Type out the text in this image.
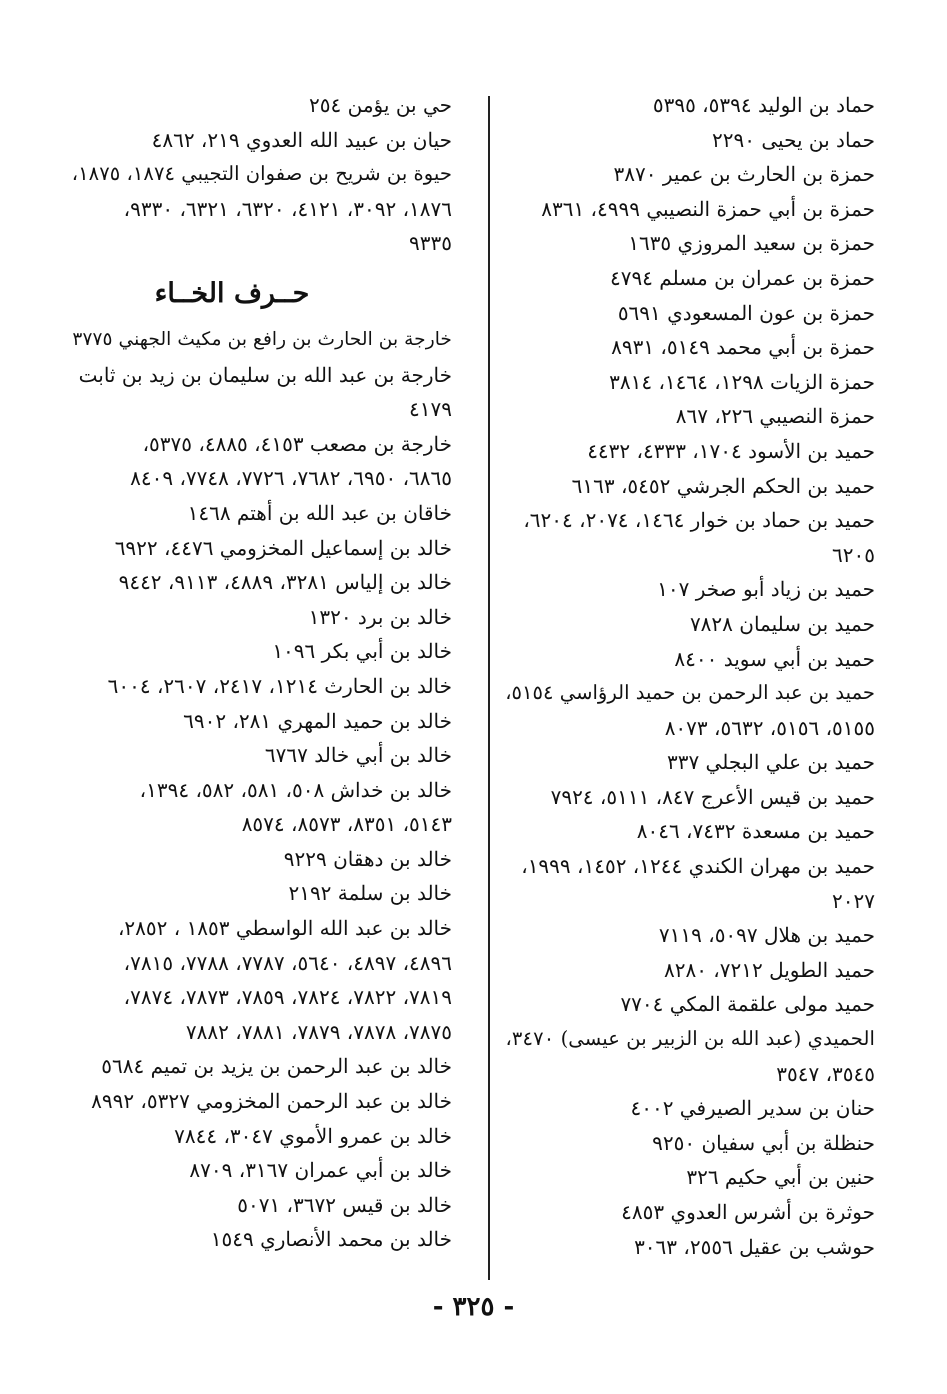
حماد بن الوليد ٥٣٩٤، ٥٣٩٥
حماد بن يحيى ٢٢٩٠
حمزة بن الحارث بن عمير ٣٨٧٠
حمزة بن أبي حمزة النصيبي ٤٩٩٩، ٨٣٦١
حمزة بن سعيد المروزي ١٦٣٥
حمزة بن عمران بن مسلم ٤٧٩٤
حمزة بن عون المسعودي ٥٦٩١
حمزة بن أبي محمد ٥١٤٩، ٨٩٣١
حمزة الزيات ١٢٩٨، ١٤٦٤، ٣٨١٤
حمزة النصيبي ٢٢٦، ٨٦٧
حميد بن الأسود ١٧٠٤، ٤٣٣٣، ٤٤٣٢
حميد بن الحكم الجرشي ٥٤٥٢، ٦١٦٣
حميد بن حماد بن خوار ١٤٦٤، ٢٠٧٤، ٦٢٠٤،
٦٢٠٥
حميد بن زياد أبو صخر ١٠٧
حميد بن سليمان ٧٨٢٨
حميد بن أبي سويد ٨٤٠٠
حميد بن عبد الرحمن بن حميد الرؤاسي ٥١٥٤،
٥١٥٥، ٥١٥٦، ٥٦٣٢، ٨٠٧٣
حميد بن علي البجلي ٣٣٧
حميد بن قيس الأعرج ٨٤٧، ٥١١١، ٧٩٢٤
حميد بن مسعدة ٧٤٣٢، ٨٠٤٦
حميد بن مهران الكندي ١٢٤٤، ١٤٥٢، ١٩٩٩،
٢٠٢٧
حميد بن هلال ٥٠٩٧، ٧١١٩
حميد الطويل ٧٢١٢، ٨٢٨٠
حميد مولى علقمة المكي ٧٧٠٤
الحميدي (عبد الله بن الزبير بن عيسى) ٣٤٧٠،
٣٥٤٥، ٣٥٤٧
حنان بن سدير الصيرفي ٤٠٠٢
حنظلة بن أبي سفيان ٩٢٥٠
حنين بن أبي حكيم ٣٢٦
حوثرة بن أشرس العدوي ٤٨٥٣
حوشب بن عقيل ٢٥٥٦، ٣٠٦٣
حي بن يؤمن ٢٥٤
حيان بن عبيد الله العدوي ٢١٩، ٤٨٦٢
حيوة بن شريح بن صفوان التجيبي ١٨٧٤، ١٨٧٥،
١٨٧٦، ٣٠٩٢، ٤١٢١، ٦٣٢٠، ٦٣٢١، ٩٣٣٠،
٩٣٣٥
حــرف الخــاء
خارجة بن الحارث بن رافع بن مكيث الجهني ٣٧٧٥
خارجة بن عبد الله بن سليمان بن زيد بن ثابت
٤١٧٩
خارجة بن مصعب ٤١٥٣، ٤٨٨٥، ٥٣٧٥،
٦٨٦٥، ٦٩٥٠، ٧٦٨٢، ٧٧٢٦، ٧٧٤٨، ٨٤٠٩
خاقان بن عبد الله بن أهتم ١٤٦٨
خالد بن إسماعيل المخزومي ٤٤٧٦، ٦٩٢٢
خالد بن إلياس ٣٢٨١، ٤٨٨٩، ٩١١٣، ٩٤٤٢
خالد بن برد ١٣٢٠
خالد بن أبي بكر ١٠٩٦
خالد بن الحارث ١٢١٤، ٢٤١٧، ٢٦٠٧، ٦٠٠٤
خالد بن حميد المهري ٢٨١، ٦٩٠٢
خالد بن أبي خالد ٦٧٦٧
خالد بن خداش ٥٠٨، ٥٨١، ٥٨٢، ١٣٩٤،
٥١٤٣، ٨٣٥١، ٨٥٧٣، ٨٥٧٤
خالد بن دهقان ٩٢٢٩
خالد بن سلمة ٢١٩٢
خالد بن عبد الله الواسطي ١٨٥٣ ، ٢٨٥٢،
٤٨٩٦، ٤٨٩٧، ٥٦٤٠، ٧٧٨٧، ٧٧٨٨، ٧٨١٥،
٧٨١٩، ٧٨٢٢، ٧٨٢٤، ٧٨٥٩، ٧٨٧٣، ٧٨٧٤،
٧٨٧٥، ٧٨٧٨، ٧٨٧٩، ٧٨٨١، ٧٨٨٢
خالد بن عبد الرحمن بن يزيد بن تميم ٥٦٨٤
خالد بن عبد الرحمن المخزومي ٥٣٢٧، ٨٩٩٢
خالد بن عمرو الأموي ٣٠٤٧، ٧٨٤٤
خالد بن أبي عمران ٣١٦٧، ٨٧٠٩
خالد بن قيس ٣٦٧٢، ٥٠٧١
خالد بن محمد الأنصاري ١٥٤٩
- ٣٢٥ -
